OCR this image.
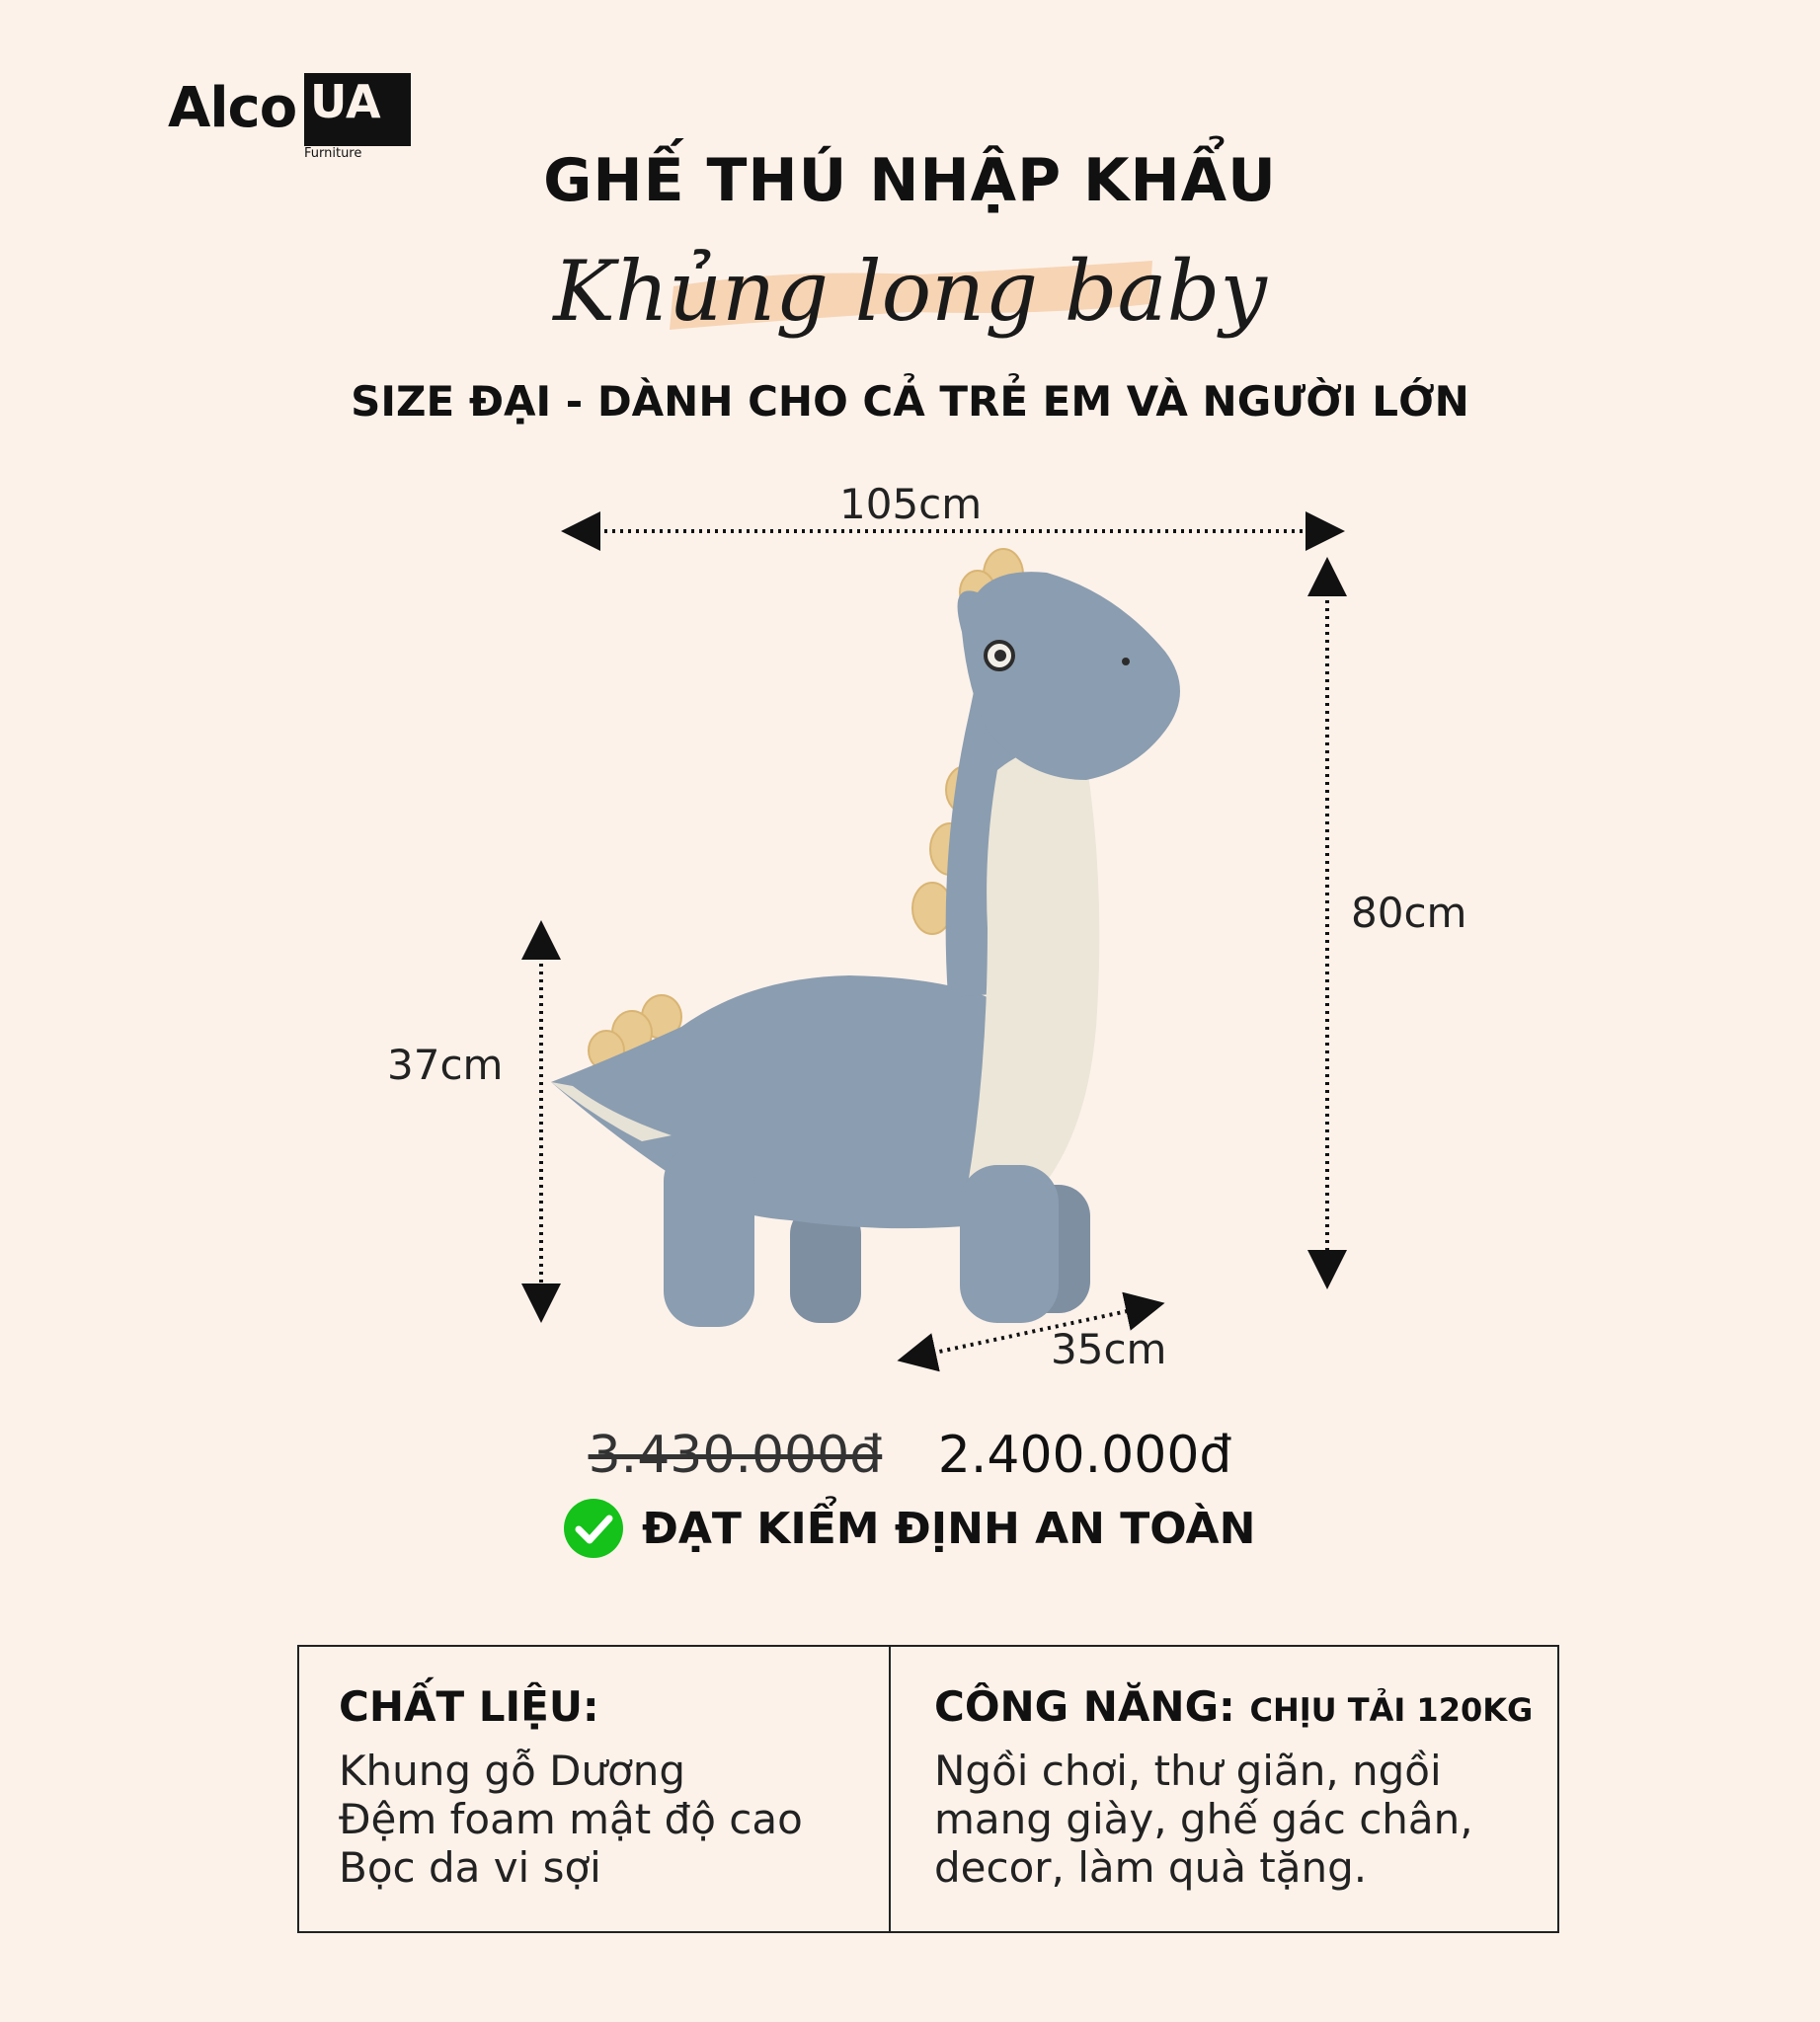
Alco UA
Furniture	GHẾ THÚ NHẬP KHẨU
Khủng long baby
SIZE ĐẠI - DÀNH CHO CẢ TRẺ EM VÀ NGƯỜI LỚN
105cm
80cm
37cm
35cm
3.430.000đ 2.400.000đ
ĐẠT KIỂM ĐỊNH AN TOÀN
CHẤT LIỆU:
Khung gỗ Dương
Đệm foam mật độ cao
Bọc da vi sợi
CÔNG NĂNG: CHỊU TẢI 120KG
Ngồi chơi, thư giãn, ngồi
mang giày, ghế gác chân,
decor, làm quà tặng.
